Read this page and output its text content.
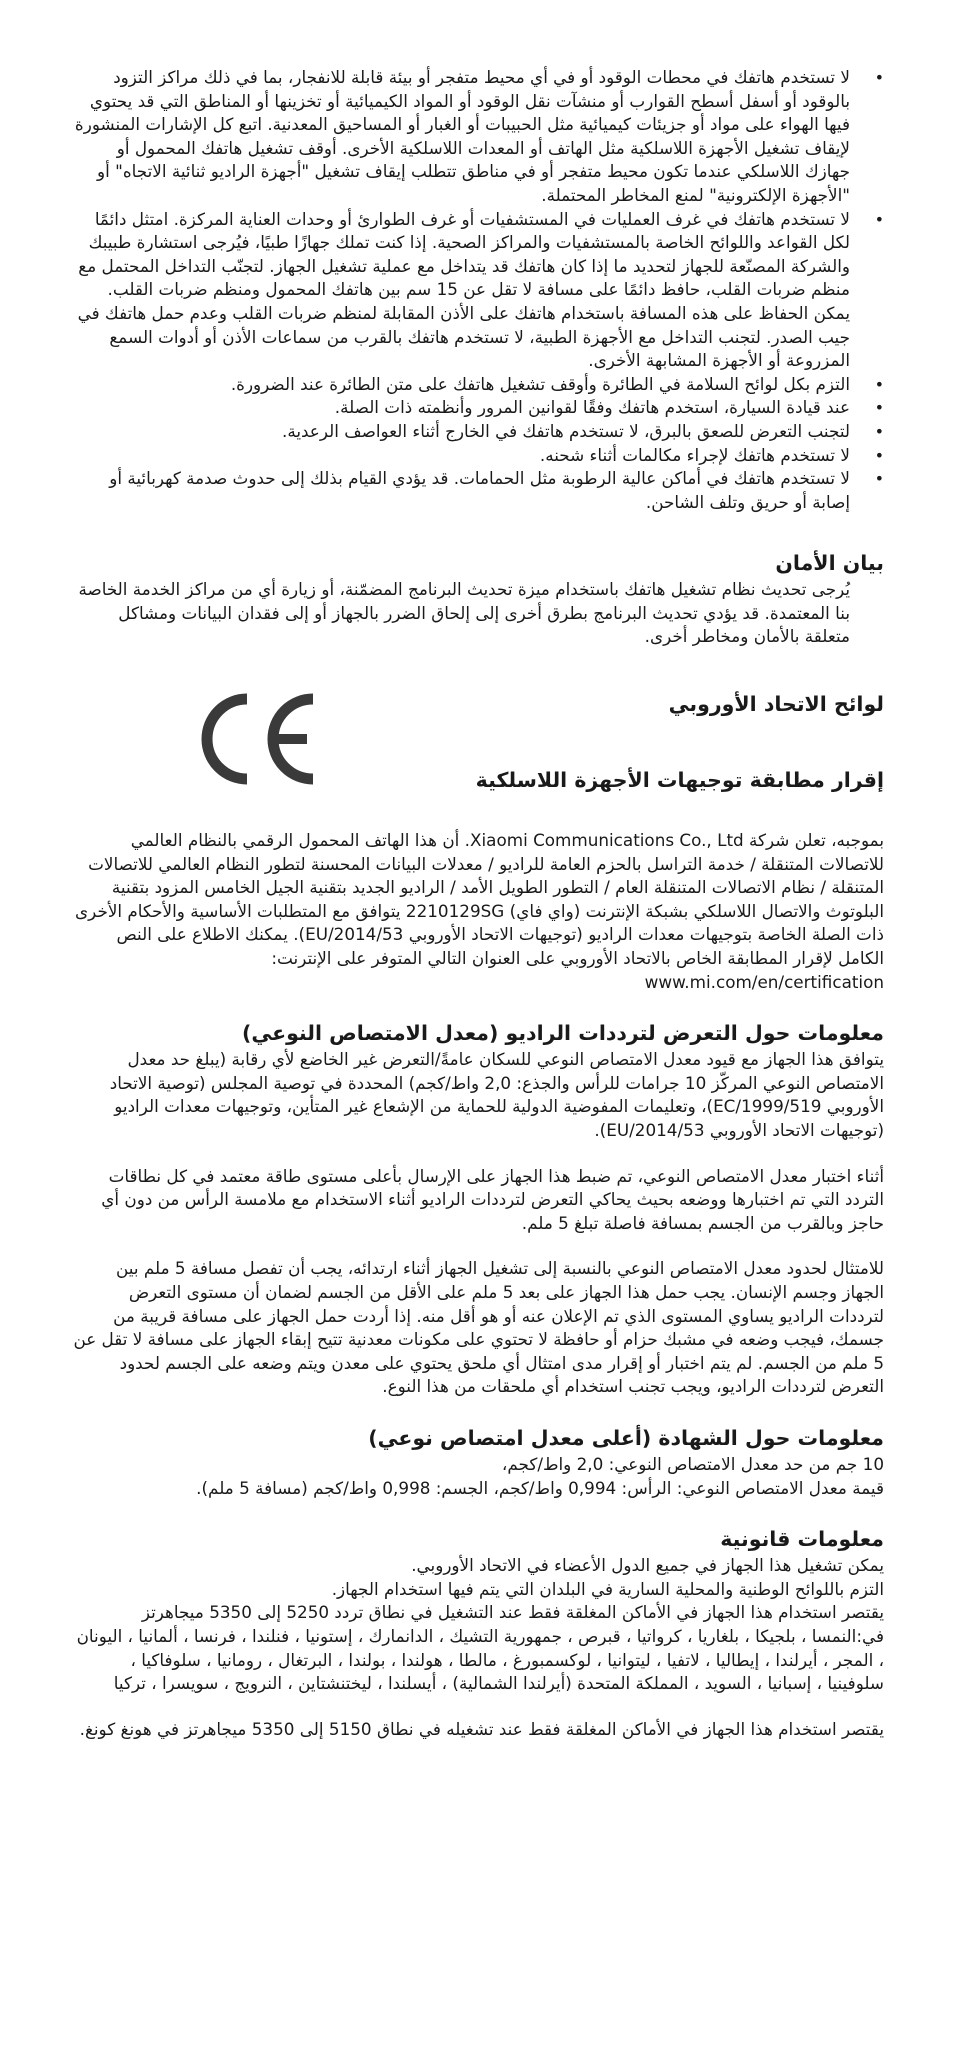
• لا تستخدم هاتفك في محطات الوقود أو في أي محيط متفجر أو بيئة قابلة للانفجار، بما في ذلك مراكز التزود بالوقود أو أسفل أسطح القوارب أو منشآت نقل الوقود أو المواد الكيميائية أو تخزينها أو المناطق التي قد يحتوي فيها الهواء على مواد أو جزيئات كيميائية مثل الحبيبات أو الغبار أو المساحيق المعدنية. اتبع كل الإشارات المنشورة لإيقاف تشغيل الأجهزة اللاسلكية مثل الهاتف أو المعدات اللاسلكية الأخرى. أوقف تشغيل هاتفك المحمول أو جهازك اللاسلكي عندما تكون محيط متفجر أو في مناطق تتطلب إيقاف تشغيل "أجهزة الراديو ثنائية الاتجاه" أو "الأجهزة الإلكترونية" لمنع المخاطر المحتملة.
• لا تستخدم هاتفك في غرف العمليات في المستشفيات أو غرف الطوارئ أو وحدات العناية المركزة. امتثل دائمًا لكل القواعد واللوائح الخاصة بالمستشفيات والمراكز الصحية. إذا كنت تملك جهازًا طبيًا، فيُرجى استشارة طبيبك والشركة المصنّعة للجهاز لتحديد ما إذا كان هاتفك قد يتداخل مع عملية تشغيل الجهاز. لتجنّب التداخل المحتمل مع منظم ضربات القلب، حافظ دائمًا على مسافة لا تقل عن 15 سم بين هاتفك المحمول ومنظم ضربات القلب. يمكن الحفاظ على هذه المسافة باستخدام هاتفك على الأذن المقابلة لمنظم ضربات القلب وعدم حمل هاتفك في جيب الصدر. لتجنب التداخل مع الأجهزة الطبية، لا تستخدم هاتفك بالقرب من سماعات الأذن أو أدوات السمع المزروعة أو الأجهزة المشابهة الأخرى.
• التزم بكل لوائح السلامة في الطائرة وأوقف تشغيل هاتفك على متن الطائرة عند الضرورة.
• عند قيادة السيارة، استخدم هاتفك وفقًا لقوانين المرور وأنظمته ذات الصلة.
• لتجنب التعرض للصعق بالبرق، لا تستخدم هاتفك في الخارج أثناء العواصف الرعدية.
• لا تستخدم هاتفك لإجراء مكالمات أثناء شحنه.
• لا تستخدم هاتفك في أماكن عالية الرطوبة مثل الحمامات. قد يؤدي القيام بذلك إلى حدوث صدمة كهربائية أو إصابة أو حريق وتلف الشاحن.
بيان الأمان

يُرجى تحديث نظام تشغيل هاتفك باستخدام ميزة تحديث البرنامج المضمّنة، أو زيارة أي من مراكز الخدمة الخاصة بنا المعتمدة. قد يؤدي تحديث البرنامج بطرق أخرى إلى إلحاق الضرر بالجهاز أو إلى فقدان البيانات ومشاكل متعلقة بالأمان ومخاطر أخرى.

لوائح الاتحاد الأوروبي
إقرار مطابقة توجيهات الأجهزة اللاسلكية

بموجبه، تعلن شركة Xiaomi Communications Co., Ltd. أن هذا الهاتف المحمول الرقمي بالنظام العالمي للاتصالات المتنقلة / خدمة التراسل بالحزم العامة للراديو / معدلات البيانات المحسنة لتطور النظام العالمي للاتصالات المتنقلة / نظام الاتصالات المتنقلة العام / التطور الطويل الأمد / الراديو الجديد بتقنية الجيل الخامس المزود بتقنية البلوتوث والاتصال اللاسلكي بشبكة الإنترنت (واي فاي) 2210129SG يتوافق مع المتطلبات الأساسية والأحكام الأخرى ذات الصلة الخاصة بتوجيهات معدات الراديو (توجيهات الاتحاد الأوروبي 2014/53/EU). يمكنك الاطلاع على النص الكامل لإقرار المطابقة الخاص بالاتحاد الأوروبي على العنوان التالي المتوفر على الإنترنت:

www.mi.com/en/certification

معلومات حول التعرض لترددات الراديو (معدل الامتصاص النوعي)

يتوافق هذا الجهاز مع قيود معدل الامتصاص النوعي للسكان عامةً/التعرض غير الخاضع لأي رقابة (يبلغ حد معدل الامتصاص النوعي المركّز 10 جرامات للرأس والجذع: 2,0 واط/كجم) المحددة في توصية المجلس (توصية الاتحاد الأوروبي 1999/519/EC)، وتعليمات المفوضية الدولية للحماية من الإشعاع غير المتأين، وتوجيهات معدات الراديو (توجيهات الاتحاد الأوروبي 2014/53/EU).

أثناء اختبار معدل الامتصاص النوعي، تم ضبط هذا الجهاز على الإرسال بأعلى مستوى طاقة معتمد في كل نطاقات التردد التي تم اختبارها ووضعه بحيث يحاكي التعرض لترددات الراديو أثناء الاستخدام مع ملامسة الرأس من دون أي حاجز وبالقرب من الجسم بمسافة فاصلة تبلغ 5 ملم.

للامتثال لحدود معدل الامتصاص النوعي بالنسبة إلى تشغيل الجهاز أثناء ارتدائه، يجب أن تفصل مسافة 5 ملم بين الجهاز وجسم الإنسان. يجب حمل هذا الجهاز على بعد 5 ملم على الأقل من الجسم لضمان أن مستوى التعرض لترددات الراديو يساوي المستوى الذي تم الإعلان عنه أو هو أقل منه. إذا أردت حمل الجهاز على مسافة قريبة من جسمك، فيجب وضعه في مشبك حزام أو حافظة لا تحتوي على مكونات معدنية تتيح إبقاء الجهاز على مسافة لا تقل عن 5 ملم من الجسم. لم يتم اختبار أو إقرار مدى امتثال أي ملحق يحتوي على معدن ويتم وضعه على الجسم لحدود التعرض لترددات الراديو، ويجب تجنب استخدام أي ملحقات من هذا النوع.

معلومات حول الشهادة (أعلى معدل امتصاص نوعي)

10 جم من حد معدل الامتصاص النوعي: 2,0 واط/كجم،

قيمة معدل الامتصاص النوعي: الرأس: 0,994 واط/كجم، الجسم: 0,998 واط/كجم (مسافة 5 ملم).

معلومات قانونية

يمكن تشغيل هذا الجهاز في جميع الدول الأعضاء في الاتحاد الأوروبي.

التزم باللوائح الوطنية والمحلية السارية في البلدان التي يتم فيها استخدام الجهاز.

يقتصر استخدام هذا الجهاز في الأماكن المغلقة فقط عند التشغيل في نطاق تردد 5250 إلى 5350 ميجاهرتز في:النمسا ، بلجيكا ، بلغاريا ، كرواتيا ، قبرص ، جمهورية التشيك ، الدانمارك ، إستونيا ، فنلندا ، فرنسا ، ألمانيا ، اليونان ، المجر ، أيرلندا ، إيطاليا ، لاتفيا ، ليتوانيا ، لوكسمبورغ ، مالطا ، هولندا ، بولندا ، البرتغال ، رومانيا ، سلوفاكيا ، سلوفينيا ، إسبانيا ، السويد ، المملكة المتحدة (أيرلندا الشمالية) ، أيسلندا ، ليختنشتاين ، النرويج ، سويسرا ، تركيا

يقتصر استخدام هذا الجهاز في الأماكن المغلقة فقط عند تشغيله في نطاق 5150 إلى 5350 ميجاهرتز في هونغ كونغ.
